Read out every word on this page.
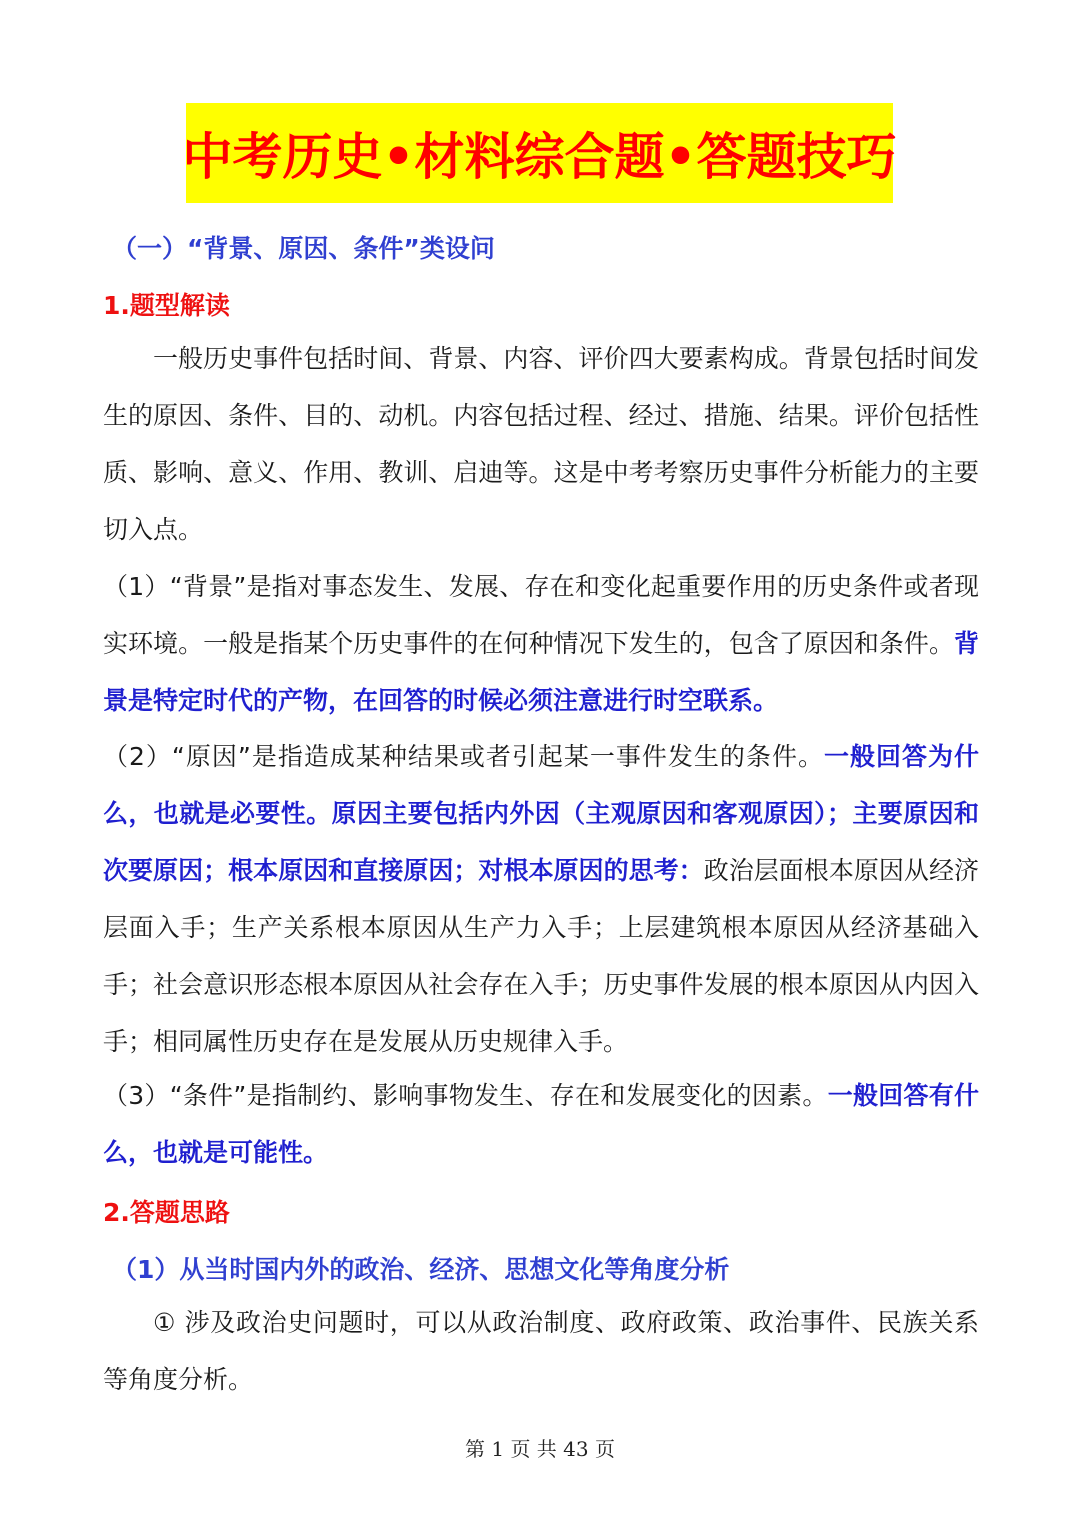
中考历史•材料综合题•答题技巧
（一）“背景、原因、条件”类设问
1.题型解读
一般历史事件包括时间、背景、内容、评价四大要素构成。背景包括时间发生的原因、条件、目的、动机。内容包括过程、经过、措施、结果。评价包括性质、影响、意义、作用、教训、启迪等。这是中考考察历史事件分析能力的主要切入点。
（1）“背景”是指对事态发生、发展、存在和变化起重要作用的历史条件或者现实环境。一般是指某个历史事件的在何种情况下发生的，包含了原因和条件。背景是特定时代的产物，在回答的时候必须注意进行时空联系。
（2）“原因”是指造成某种结果或者引起某一事件发生的条件。一般回答为什么，也就是必要性。原因主要包括内外因（主观原因和客观原因）；主要原因和次要原因；根本原因和直接原因；对根本原因的思考：政治层面根本原因从经济层面入手；生产关系根本原因从生产力入手；上层建筑根本原因从经济基础入手；社会意识形态根本原因从社会存在入手；历史事件发展的根本原因从内因入手；相同属性历史存在是发展从历史规律入手。
（3）“条件”是指制约、影响事物发生、存在和发展变化的因素。一般回答有什么，也就是可能性。
2.答题思路
（1）从当时国内外的政治、经济、思想文化等角度分析
① 涉及政治史问题时，可以从政治制度、政府政策、政治事件、民族关系等角度分析。
第 1 页 共 43 页
